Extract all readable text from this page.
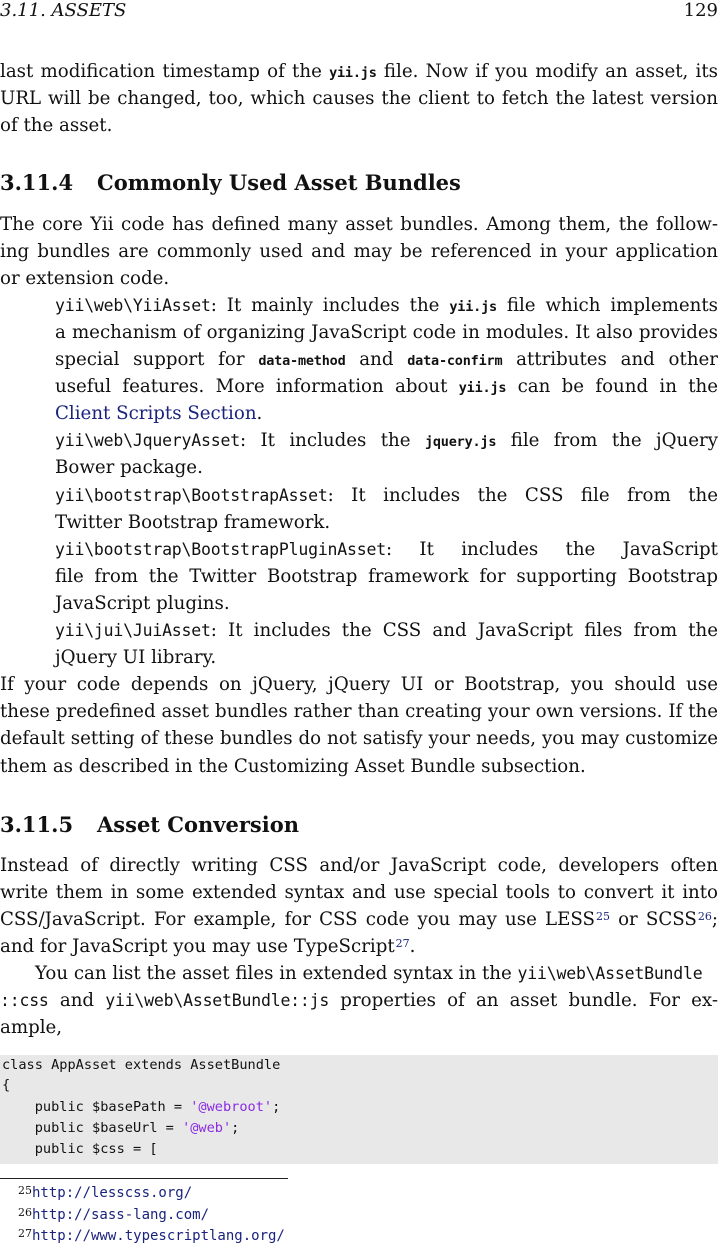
3.11. ASSETS	129
last modification timestamp of the yii.js file. Now if you modify an asset, its
URL will be changed, too, which causes the client to fetch the latest version
of the asset.
3.11.4 Commonly Used Asset Bundles
The core Yii code has defined many asset bundles. Among them, the follow-
ing bundles are commonly used and may be referenced in your application
or extension code.
yii\web\YiiAsset: It mainly includes the yii.js file which implements
a mechanism of organizing JavaScript code in modules. It also provides
special support for data-method and data-confirm attributes and other
useful features. More information about yii.js can be found in the
Client Scripts Section.
yii\web\JqueryAsset: It includes the jquery.js file from the jQuery
Bower package.
yii\bootstrap\BootstrapAsset: It includes the CSS file from the
Twitter Bootstrap framework.
yii\bootstrap\BootstrapPluginAsset: It includes the JavaScript
file from the Twitter Bootstrap framework for supporting Bootstrap
JavaScript plugins.
yii\jui\JuiAsset: It includes the CSS and JavaScript files from the
jQuery UI library.
If your code depends on jQuery, jQuery UI or Bootstrap, you should use
these predefined asset bundles rather than creating your own versions. If the
default setting of these bundles do not satisfy your needs, you may customize
them as described in the Customizing Asset Bundle subsection.
3.11.5 Asset Conversion
Instead of directly writing CSS and/or JavaScript code, developers often
write them in some extended syntax and use special tools to convert it into
CSS/JavaScript. For example, for CSS code you may use LESS$^{25}$ or SCSS$^{26}$;
and for JavaScript you may use TypeScript$^{27}$.
You can list the asset files in extended syntax in the yii\web\AssetBundle
::css and yii\web\AssetBundle::js properties of an asset bundle. For ex-
ample,
class AppAsset extends AssetBundle
{
public $basePath = '@webroot';
public $baseUrl = '@web';
public $css = [
$^{25}$http://lesscss.org/
$^{26}$http://sass-lang.com/
$^{27}$http://www.typescriptlang.org/
